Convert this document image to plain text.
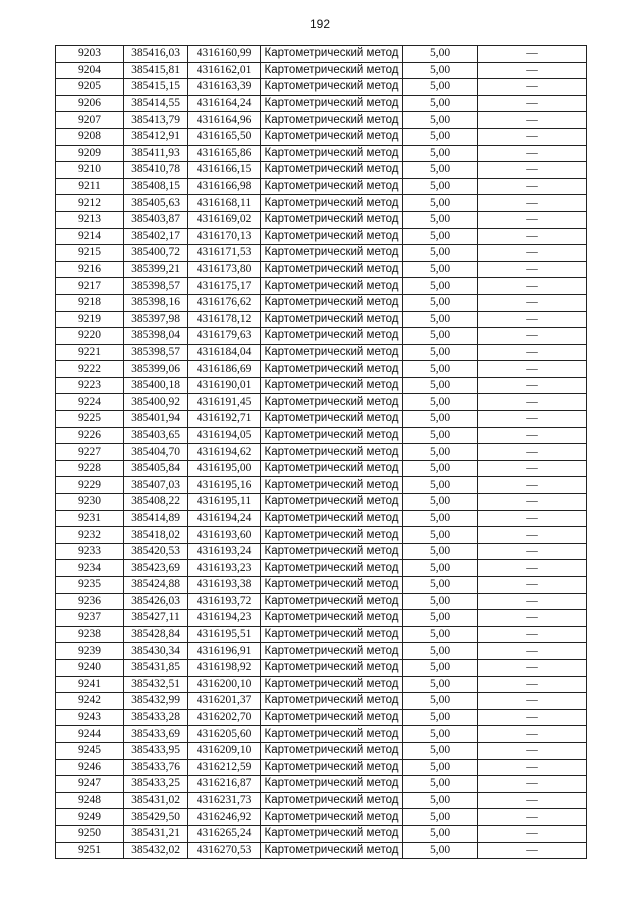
192
9203	385416,03	4316160,99	Картометрический метод	5,00	—
9204	385415,81	4316162,01	Картометрический метод	5,00	—
9205	385415,15	4316163,39	Картометрический метод	5,00	—
9206	385414,55	4316164,24	Картометрический метод	5,00	—
9207	385413,79	4316164,96	Картометрический метод	5,00	—
9208	385412,91	4316165,50	Картометрический метод	5,00	—
9209	385411,93	4316165,86	Картометрический метод	5,00	—
9210	385410,78	4316166,15	Картометрический метод	5,00	—
9211	385408,15	4316166,98	Картометрический метод	5,00	—
9212	385405,63	4316168,11	Картометрический метод	5,00	—
9213	385403,87	4316169,02	Картометрический метод	5,00	—
9214	385402,17	4316170,13	Картометрический метод	5,00	—
9215	385400,72	4316171,53	Картометрический метод	5,00	—
9216	385399,21	4316173,80	Картометрический метод	5,00	—
9217	385398,57	4316175,17	Картометрический метод	5,00	—
9218	385398,16	4316176,62	Картометрический метод	5,00	—
9219	385397,98	4316178,12	Картометрический метод	5,00	—
9220	385398,04	4316179,63	Картометрический метод	5,00	—
9221	385398,57	4316184,04	Картометрический метод	5,00	—
9222	385399,06	4316186,69	Картометрический метод	5,00	—
9223	385400,18	4316190,01	Картометрический метод	5,00	—
9224	385400,92	4316191,45	Картометрический метод	5,00	—
9225	385401,94	4316192,71	Картометрический метод	5,00	—
9226	385403,65	4316194,05	Картометрический метод	5,00	—
9227	385404,70	4316194,62	Картометрический метод	5,00	—
9228	385405,84	4316195,00	Картометрический метод	5,00	—
9229	385407,03	4316195,16	Картометрический метод	5,00	—
9230	385408,22	4316195,11	Картометрический метод	5,00	—
9231	385414,89	4316194,24	Картометрический метод	5,00	—
9232	385418,02	4316193,60	Картометрический метод	5,00	—
9233	385420,53	4316193,24	Картометрический метод	5,00	—
9234	385423,69	4316193,23	Картометрический метод	5,00	—
9235	385424,88	4316193,38	Картометрический метод	5,00	—
9236	385426,03	4316193,72	Картометрический метод	5,00	—
9237	385427,11	4316194,23	Картометрический метод	5,00	—
9238	385428,84	4316195,51	Картометрический метод	5,00	—
9239	385430,34	4316196,91	Картометрический метод	5,00	—
9240	385431,85	4316198,92	Картометрический метод	5,00	—
9241	385432,51	4316200,10	Картометрический метод	5,00	—
9242	385432,99	4316201,37	Картометрический метод	5,00	—
9243	385433,28	4316202,70	Картометрический метод	5,00	—
9244	385433,69	4316205,60	Картометрический метод	5,00	—
9245	385433,95	4316209,10	Картометрический метод	5,00	—
9246	385433,76	4316212,59	Картометрический метод	5,00	—
9247	385433,25	4316216,87	Картометрический метод	5,00	—
9248	385431,02	4316231,73	Картометрический метод	5,00	—
9249	385429,50	4316246,92	Картометрический метод	5,00	—
9250	385431,21	4316265,24	Картометрический метод	5,00	—
9251	385432,02	4316270,53	Картометрический метод	5,00	—
